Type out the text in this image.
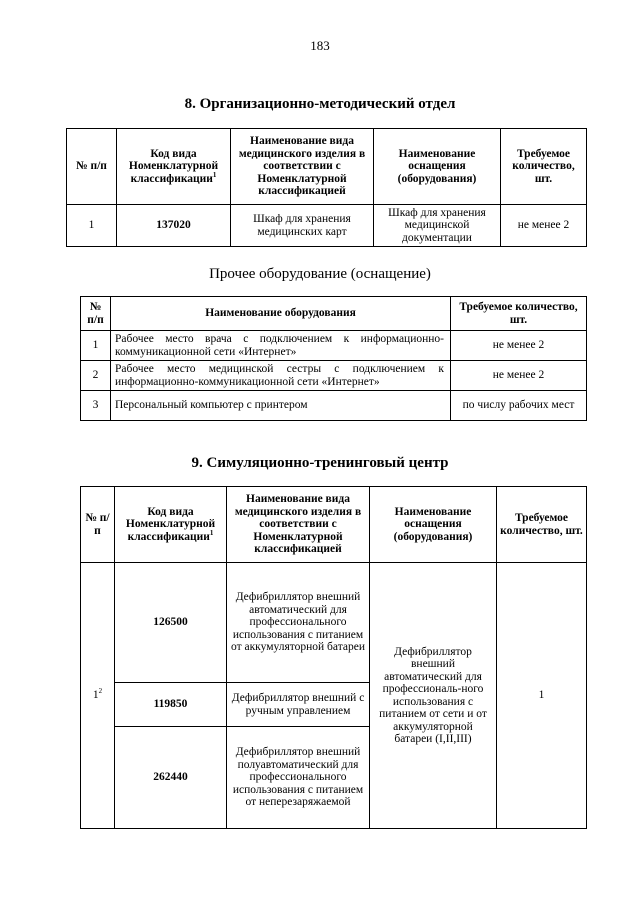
183
8. Организационно-методический отдел
№ п/п	Код вида Номенклатурной классификации$^1$	Наименование вида медицинского изделия в соответствии с Номенклатурной классификацией	Наименование оснащения (оборудования)	Требуемое количество, шт.
1	137020	Шкаф для хранения медицинских карт	Шкаф для хранения медицинской документации	не менее 2
Прочее оборудование (оснащение)
№ п/п	Наименование оборудования	Требуемое количество, шт.
1	Рабочее место врача с подключением к информационно-коммуникационной сети «Интернет»	не менее 2
2	Рабочее место медицинской сестры с подключением к информационно-коммуникационной сети «Интернет»	не менее 2
3	Персональный компьютер с принтером	по числу рабочих мест
9. Симуляционно-тренинговый центр
№ п/п	Код вида Номенклатурной классификации$^1$	Наименование вида медицинского изделия в соответствии с Номенклатурной классификацией	Наименование оснащения (оборудования)	Требуемое количество, шт.
$1^2$	126500	Дефибриллятор внешний автоматический для профессионального использования с питанием от аккумуляторной батареи	Дефибриллятор внешний автоматический для профессиональ-ного использования с питанием от сети и от аккумуляторной батареи (I,II,III)	1
	119850	Дефибриллятор внешний с ручным управлением		
	262440	Дефибриллятор внешний полуавтоматический для профессионального использования с питанием от неперезаряжаемой		
